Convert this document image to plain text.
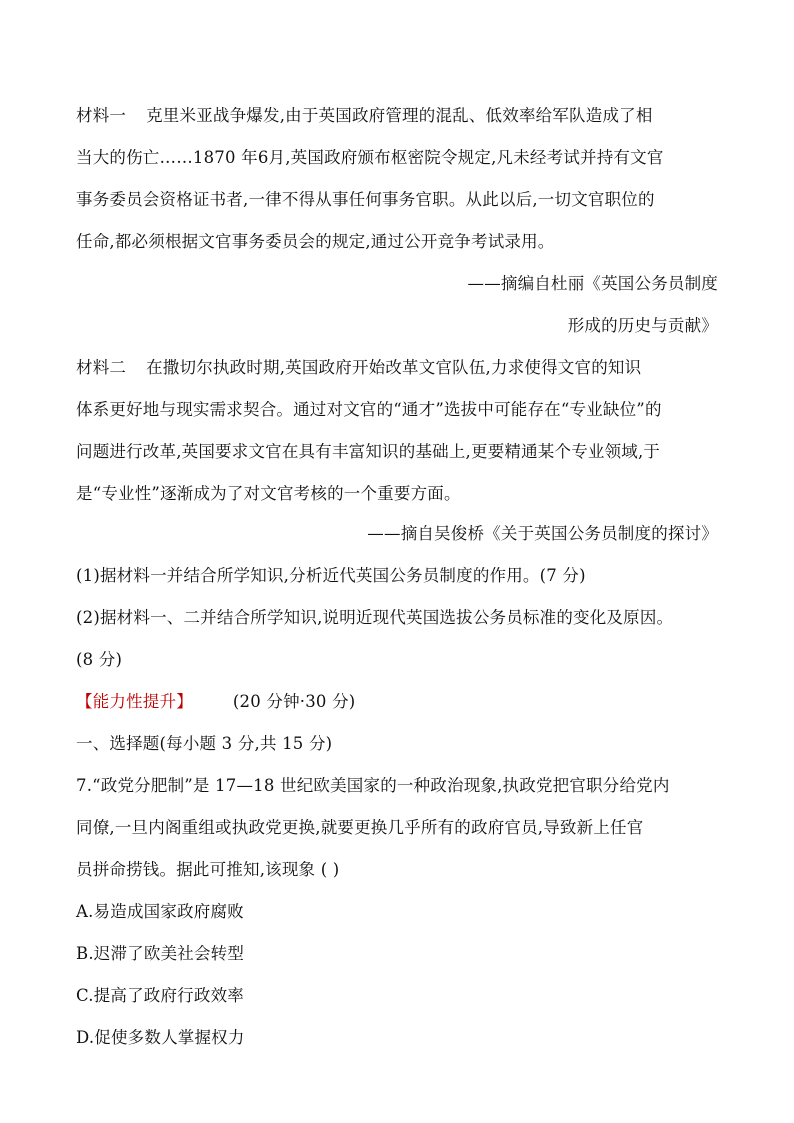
材料一 克里米亚战争爆发,由于英国政府管理的混乱、低效率给军队造成了相
当大的伤亡……1870 年6月,英国政府颁布枢密院令规定,凡未经考试并持有文官
事务委员会资格证书者,一律不得从事任何事务官职。从此以后,一切文官职位的
任命,都必须根据文官事务委员会的规定,通过公开竞争考试录用。
——摘编自杜丽《英国公务员制度
形成的历史与贡献》
材料二 在撒切尔执政时期,英国政府开始改革文官队伍,力求使得文官的知识
体系更好地与现实需求契合。通过对文官的“通才”选拔中可能存在“专业缺位”的
问题进行改革,英国要求文官在具有丰富知识的基础上,更要精通某个专业领域,于
是“专业性”逐渐成为了对文官考核的一个重要方面。
——摘自吴俊桥《关于英国公务员制度的探讨》
(1)据材料一并结合所学知识,分析近代英国公务员制度的作用。(7 分)
(2)据材料一、二并结合所学知识,说明近现代英国选拔公务员标准的变化及原因。
(8 分)
【能力性提升】 (20 分钟·30 分)
一、选择题(每小题 3 分,共 15 分)
7.“政党分肥制”是 17—18 世纪欧美国家的一种政治现象,执政党把官职分给党内
同僚,一旦内阁重组或执政党更换,就要更换几乎所有的政府官员,导致新上任官
员拼命捞钱。据此可推知,该现象 ( )
A.易造成国家政府腐败
B.迟滞了欧美社会转型
C.提高了政府行政效率
D.促使多数人掌握权力
